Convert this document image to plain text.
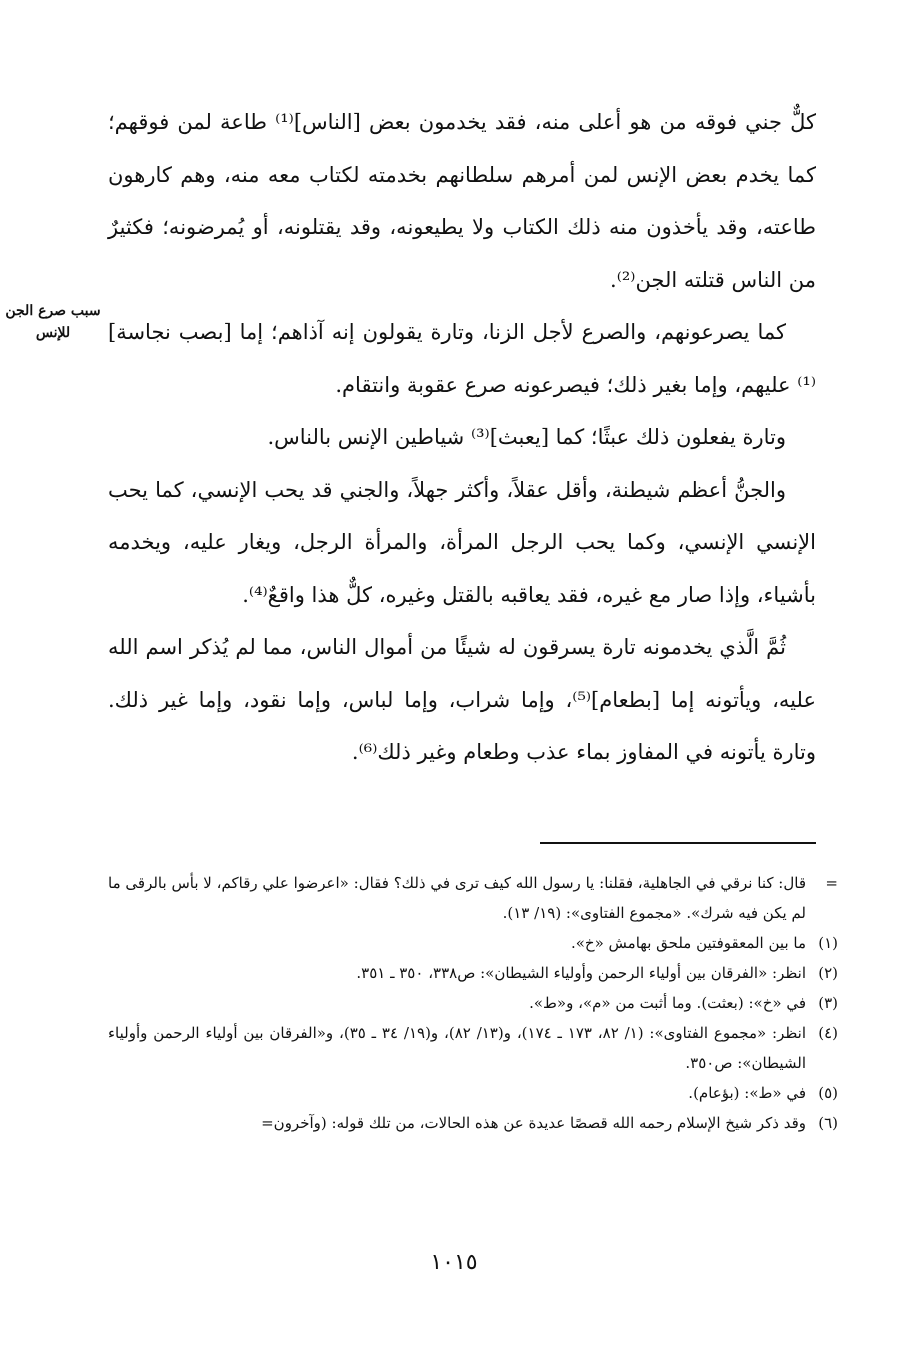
كلٌّ جني فوقه من هو أعلى منه، فقد يخدمون بعض [الناس]⁽¹⁾ طاعة لمن فوقهم؛ كما يخدم بعض الإنس لمن أمرهم سلطانهم بخدمته لكتاب معه منه، وهم كارهون طاعته، وقد يأخذون منه ذلك الكتاب ولا يطيعونه، وقد يقتلونه، أو يُمرضونه؛ فكثيرٌ من الناس قتلته الجن⁽²⁾.

كما يصرعونهم، والصرع لأجل الزنا، وتارة يقولون إنه آذاهم؛ إما [بصب نجاسة]⁽¹⁾ عليهم، وإما بغير ذلك؛ فيصرعونه صرع عقوبة وانتقام.

وتارة يفعلون ذلك عبثًا؛ كما [يعبث]⁽³⁾ شياطين الإنس بالناس.

والجنُّ أعظم شيطنة، وأقل عقلاً، وأكثر جهلاً، والجني قد يحب الإنسي، كما يحب الإنسي الإنسي، وكما يحب الرجل المرأة، والمرأة الرجل، ويغار عليه، ويخدمه بأشياء، وإذا صار مع غيره، فقد يعاقبه بالقتل وغيره، كلٌّ هذا واقعٌ⁽⁴⁾.

ثُمَّ الَّذي يخدمونه تارة يسرقون له شيئًا من أموال الناس، مما لم يُذكر اسم الله عليه، ويأتونه إما [بطعام]⁽⁵⁾، وإما شراب، وإما لباس، وإما نقود، وإما غير ذلك. وتارة يأتونه في المفاوز بماء عذب وطعام وغير ذلك⁽⁶⁾.

سبب صرع الجن للإنس
=
قال: كنا نرقي في الجاهلية، فقلنا: يا رسول الله كيف ترى في ذلك؟ فقال: «اعرضوا علي رقاكم، لا بأس بالرقى ما لم يكن فيه شرك». «مجموع الفتاوى»: (١٩/ ١٣).
(١)
ما بين المعقوفتين ملحق بهامش «خ».
(٢)
انظر: «الفرقان بين أولياء الرحمن وأولياء الشيطان»: ص٣٣٨، ٣٥٠ ـ ٣٥١.
(٣)
في «خ»: (بعثت). وما أثبت من «م»، و«ط».
(٤)
انظر: «مجموع الفتاوى»: (١/ ٨٢، ١٧٣ ـ ١٧٤)، و(١٣/ ٨٢)، و(١٩/ ٣٤ ـ ٣٥)، و«الفرقان بين أولياء الرحمن وأولياء الشيطان»: ص٣٥٠.
(٥)
في «ط»: (بؤعام).
(٦)
وقد ذكر شيخ الإسلام رحمه الله قصصًا عديدة عن هذه الحالات، من تلك قوله: (وآخرون=
١٠١٥
